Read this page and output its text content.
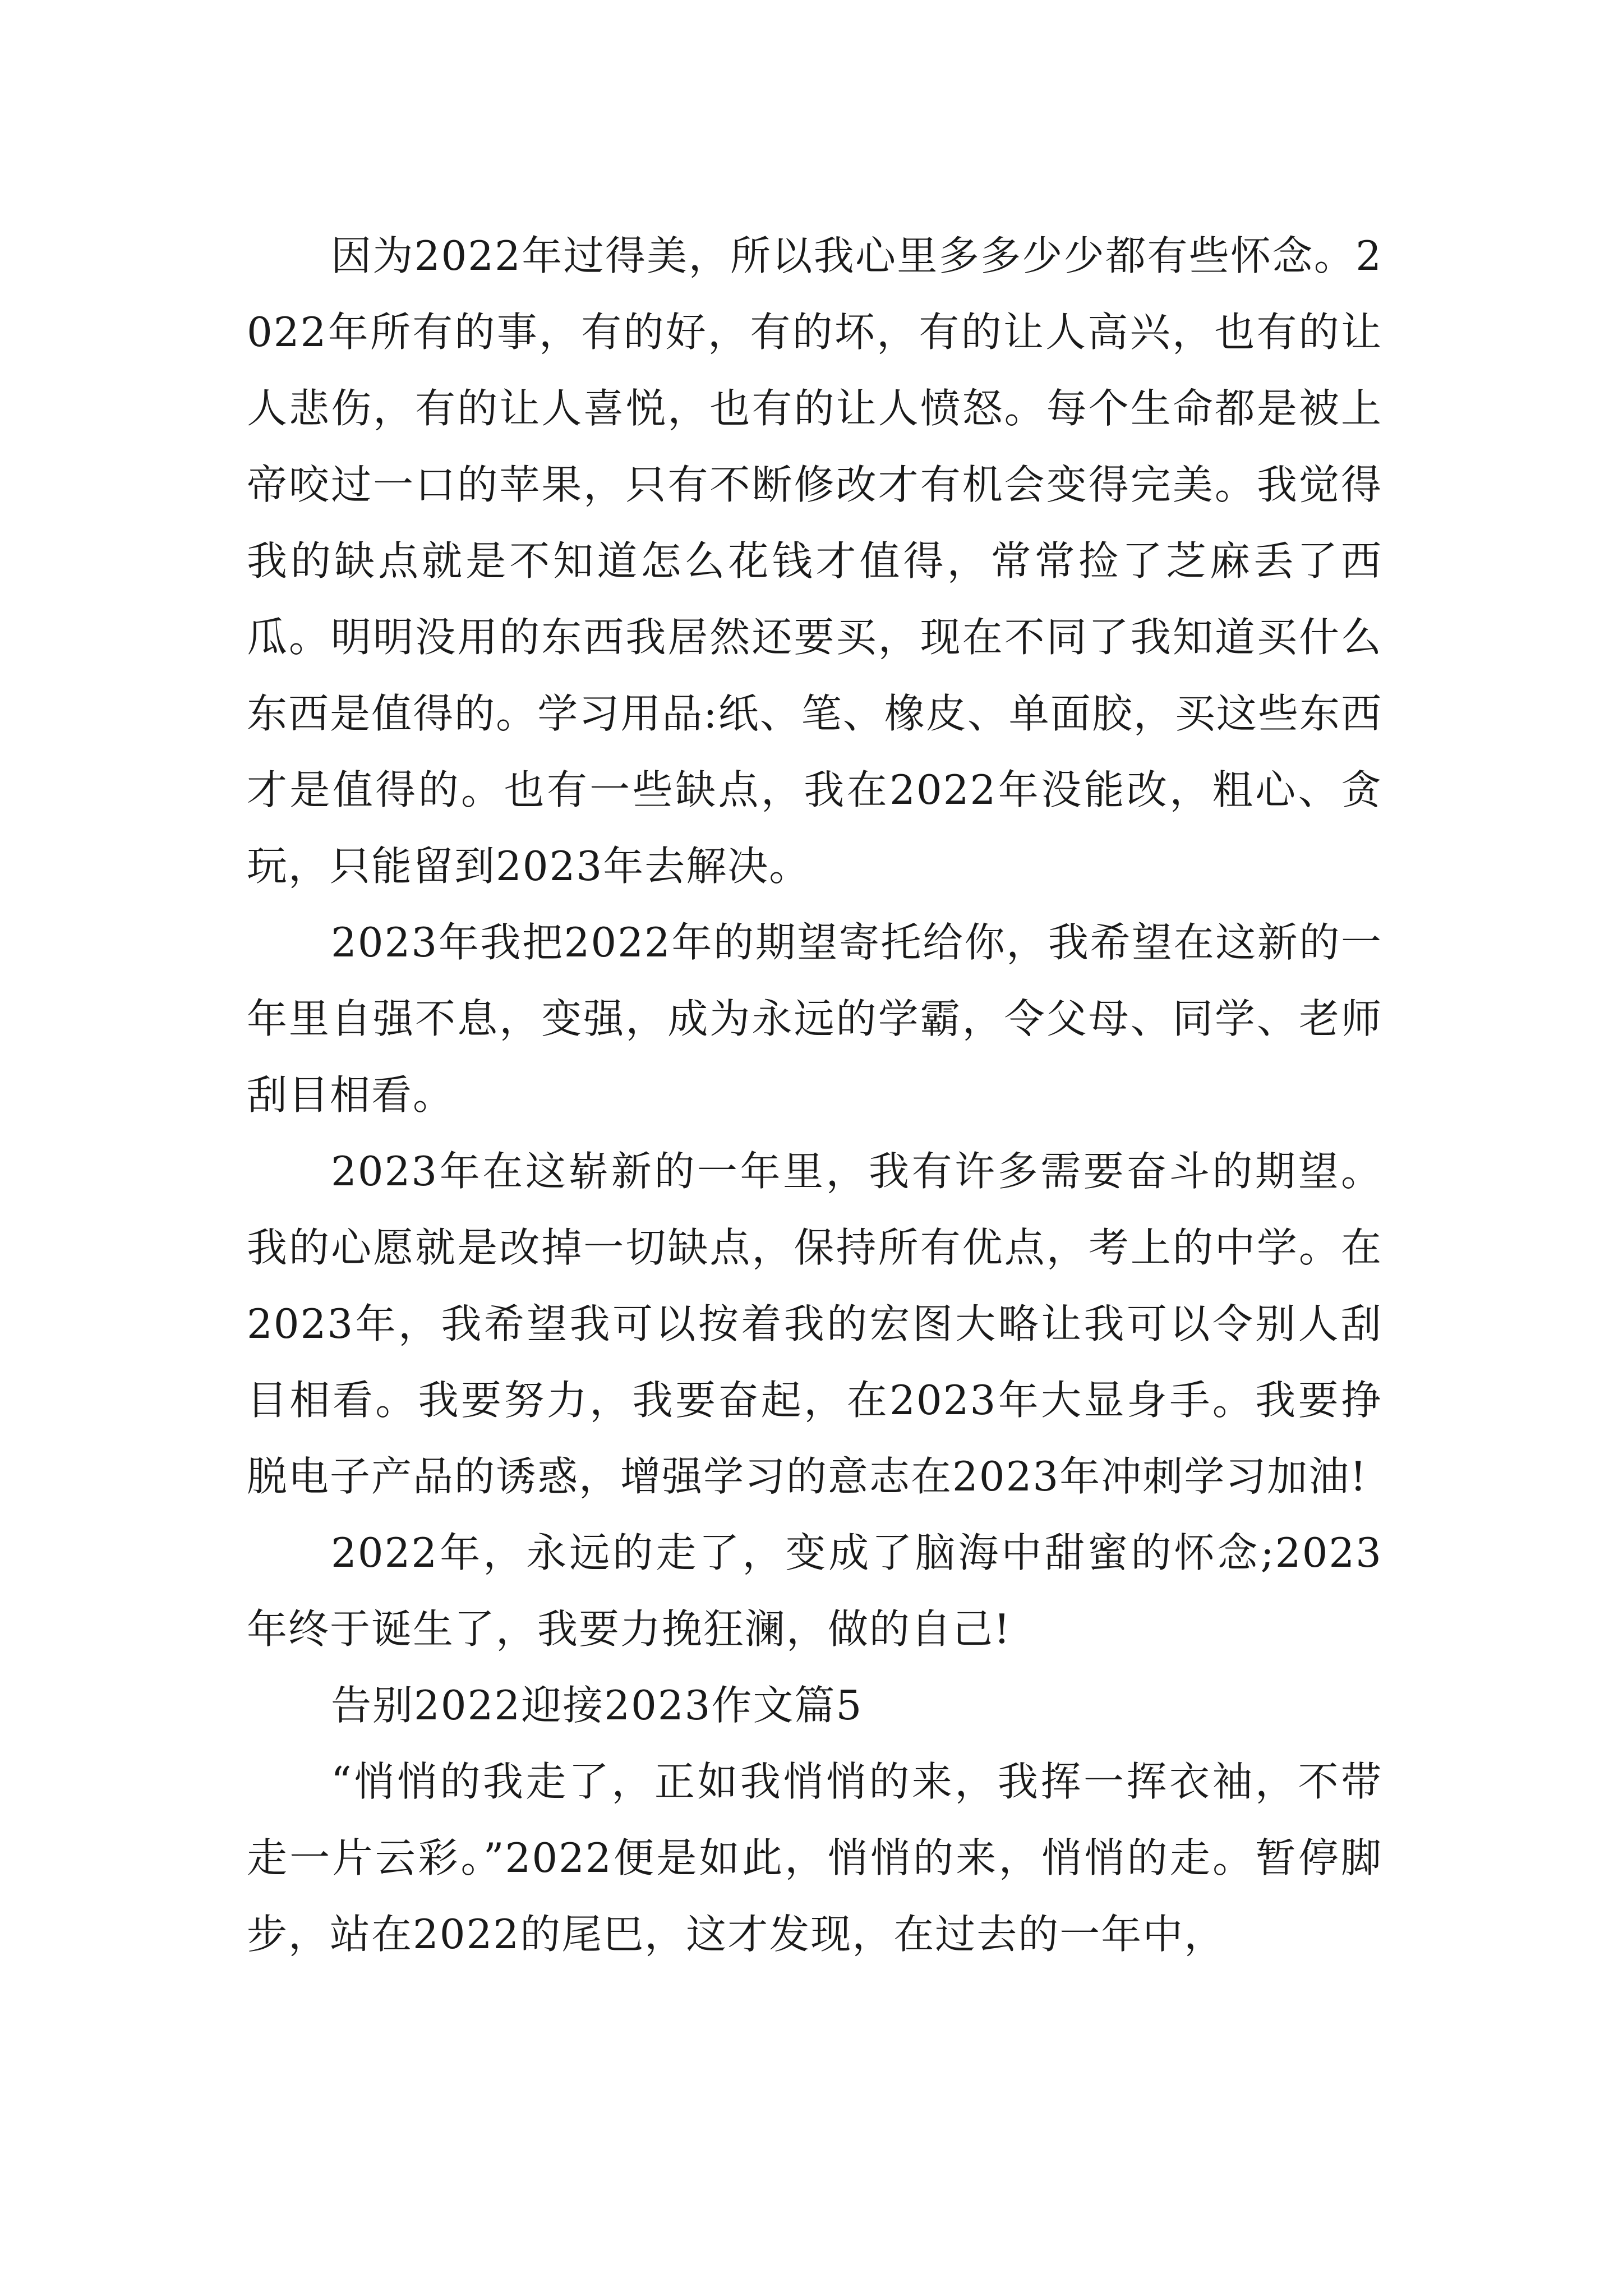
因为2022年过得美，所以我心里多多少少都有些怀念。2022年所有的事，有的好，有的坏，有的让人高兴，也有的让人悲伤，有的让人喜悦，也有的让人愤怒。每个生命都是被上帝咬过一口的苹果，只有不断修改才有机会变得完美。我觉得我的缺点就是不知道怎么花钱才值得，常常捡了芝麻丢了西瓜。明明没用的东西我居然还要买，现在不同了我知道买什么东西是值得的。学习用品:纸、笔、橡皮、单面胶，买这些东西才是值得的。也有一些缺点，我在2022年没能改，粗心、贪玩，只能留到2023年去解决。

2023年我把2022年的期望寄托给你，我希望在这新的一年里自强不息，变强，成为永远的学霸，令父母、同学、老师刮目相看。

2023年在这崭新的一年里，我有许多需要奋斗的期望。我的心愿就是改掉一切缺点，保持所有优点，考上的中学。在2023年，我希望我可以按着我的宏图大略让我可以令别人刮目相看。我要努力，我要奋起，在2023年大显身手。我要挣脱电子产品的诱惑，增强学习的意志在2023年冲刺学习加油!

2022年，永远的走了，变成了脑海中甜蜜的怀念;2023年终于诞生了，我要力挽狂澜，做的自己!

告别2022迎接2023作文篇5

“悄悄的我走了，正如我悄悄的来，我挥一挥衣袖，不带走一片云彩。”2022便是如此，悄悄的来，悄悄的走。暂停脚步，站在2022的尾巴，这才发现，在过去的一年中，
